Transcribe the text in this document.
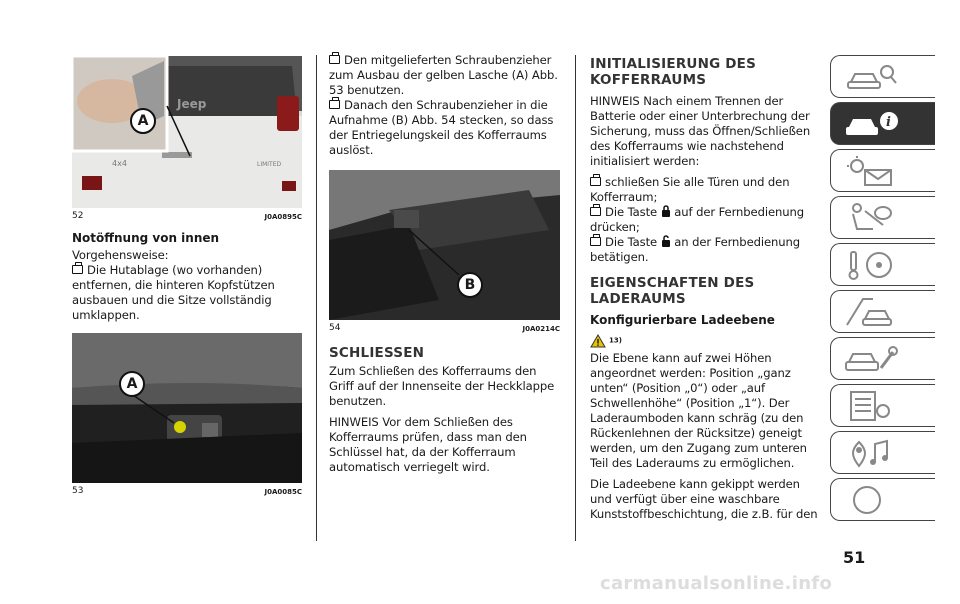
Jeep
4x4	LIMITED
A
52	J0A0895C
Notöffnung von innen
Vorgehensweise:
Die Hutablage (wo vorhanden) entfernen, die hinteren Kopfstützen ausbauen und die Sitze vollständig umklappen.
A
53	J0A0085C
Den mitgelieferten Schraubenzieher zum Ausbau der gelben Lasche (A) Abb. 53 benutzen.
Danach den Schraubenzieher in die Aufnahme (B) Abb. 54 stecken, so dass der Entriegelungskeil des Kofferraums auslöst.
B
54	J0A0214C
SCHLIESSEN
Zum Schließen des Kofferraums den Griff auf der Innenseite der Heckklappe benutzen.
HINWEIS Vor dem Schließen des Kofferraums prüfen, dass man den Schlüssel hat, da der Kofferraum automatisch verriegelt wird.
INITIALISIERUNG DES KOFFERRAUMS
HINWEIS Nach einem Trennen der Batterie oder einer Unterbrechung der Sicherung, muss das Öffnen/Schließen des Kofferraums wie nachstehend initialisiert werden:
schließen Sie alle Türen und den Kofferraum;
Die Taste auf der Fernbedienung drücken;
Die Taste an der Fernbedienung betätigen.
EIGENSCHAFTEN DES LADERAUMS
Konfigurierbare Ladeebene
13)
Die Ebene kann auf zwei Höhen angeordnet werden: Position „ganz unten“ (Position „0“) oder „auf Schwellenhöhe“ (Position „1“). Der Laderaumboden kann schräg (zu den Rückenlehnen der Rücksitze) geneigt werden, um den Zugang zum unteren Teil des Laderaums zu ermöglichen.
Die Ladeebene kann gekippt werden und verfügt über eine waschbare Kunststoffbeschichtung, die z.B. für den
i
51
carmanualsonline.info
